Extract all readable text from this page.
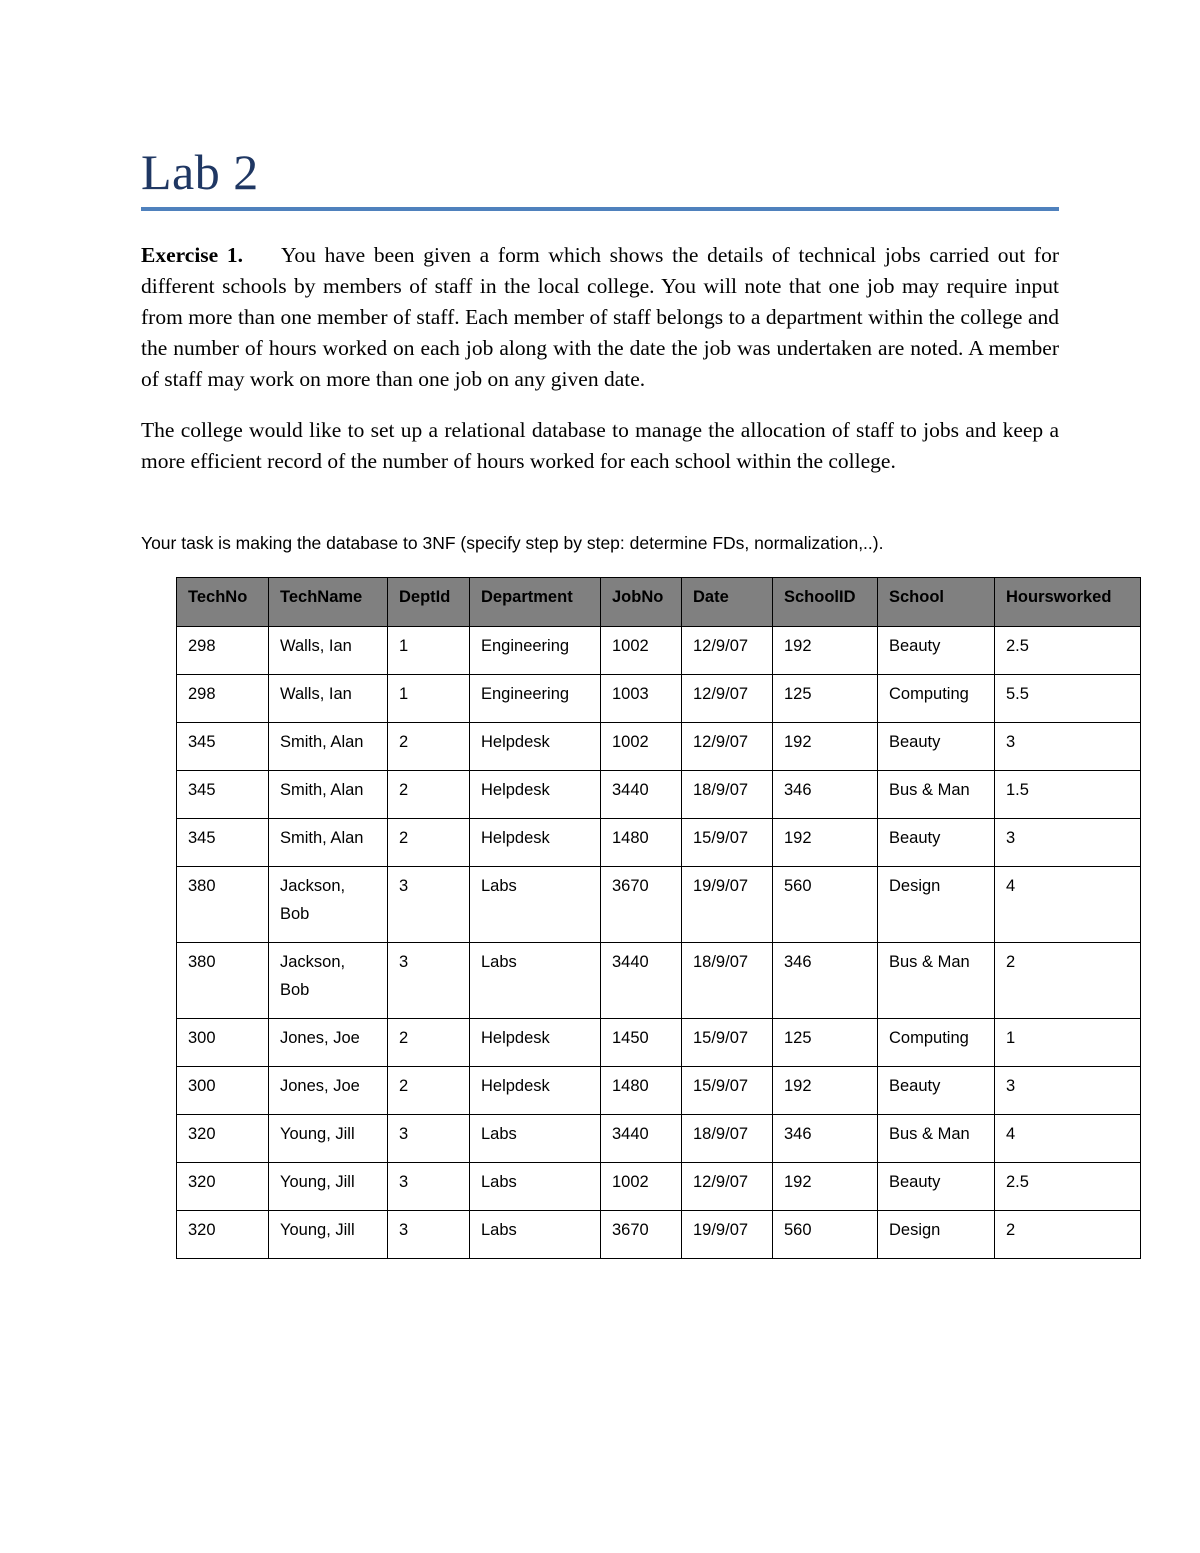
Lab 2

Exercise 1. You have been given a form which shows the details of technical jobs carried out for different schools by members of staff in the local college. You will note that one job may require input from more than one member of staff. Each member of staff belongs to a department within the college and the number of hours worked on each job along with the date the job was undertaken are noted. A member of staff may work on more than one job on any given date.

The college would like to set up a relational database to manage the allocation of staff to jobs and keep a more efficient record of the number of hours worked for each school within the college.

Your task is making the database to 3NF (specify step by step: determine FDs, normalization,..).

TechNo	TechName	DeptId	Department	JobNo	Date	SchoolID	School	Hoursworked
298	Walls, Ian	1	Engineering	1002	12/9/07	192	Beauty	2.5
298	Walls, Ian	1	Engineering	1003	12/9/07	125	Computing	5.5
345	Smith, Alan	2	Helpdesk	1002	12/9/07	192	Beauty	3
345	Smith, Alan	2	Helpdesk	3440	18/9/07	346	Bus & Man	1.5
345	Smith, Alan	2	Helpdesk	1480	15/9/07	192	Beauty	3
380	Jackson, Bob	3	Labs	3670	19/9/07	560	Design	4
380	Jackson, Bob	3	Labs	3440	18/9/07	346	Bus & Man	2
300	Jones, Joe	2	Helpdesk	1450	15/9/07	125	Computing	1
300	Jones, Joe	2	Helpdesk	1480	15/9/07	192	Beauty	3
320	Young, Jill	3	Labs	3440	18/9/07	346	Bus & Man	4
320	Young, Jill	3	Labs	1002	12/9/07	192	Beauty	2.5
320	Young, Jill	3	Labs	3670	19/9/07	560	Design	2
